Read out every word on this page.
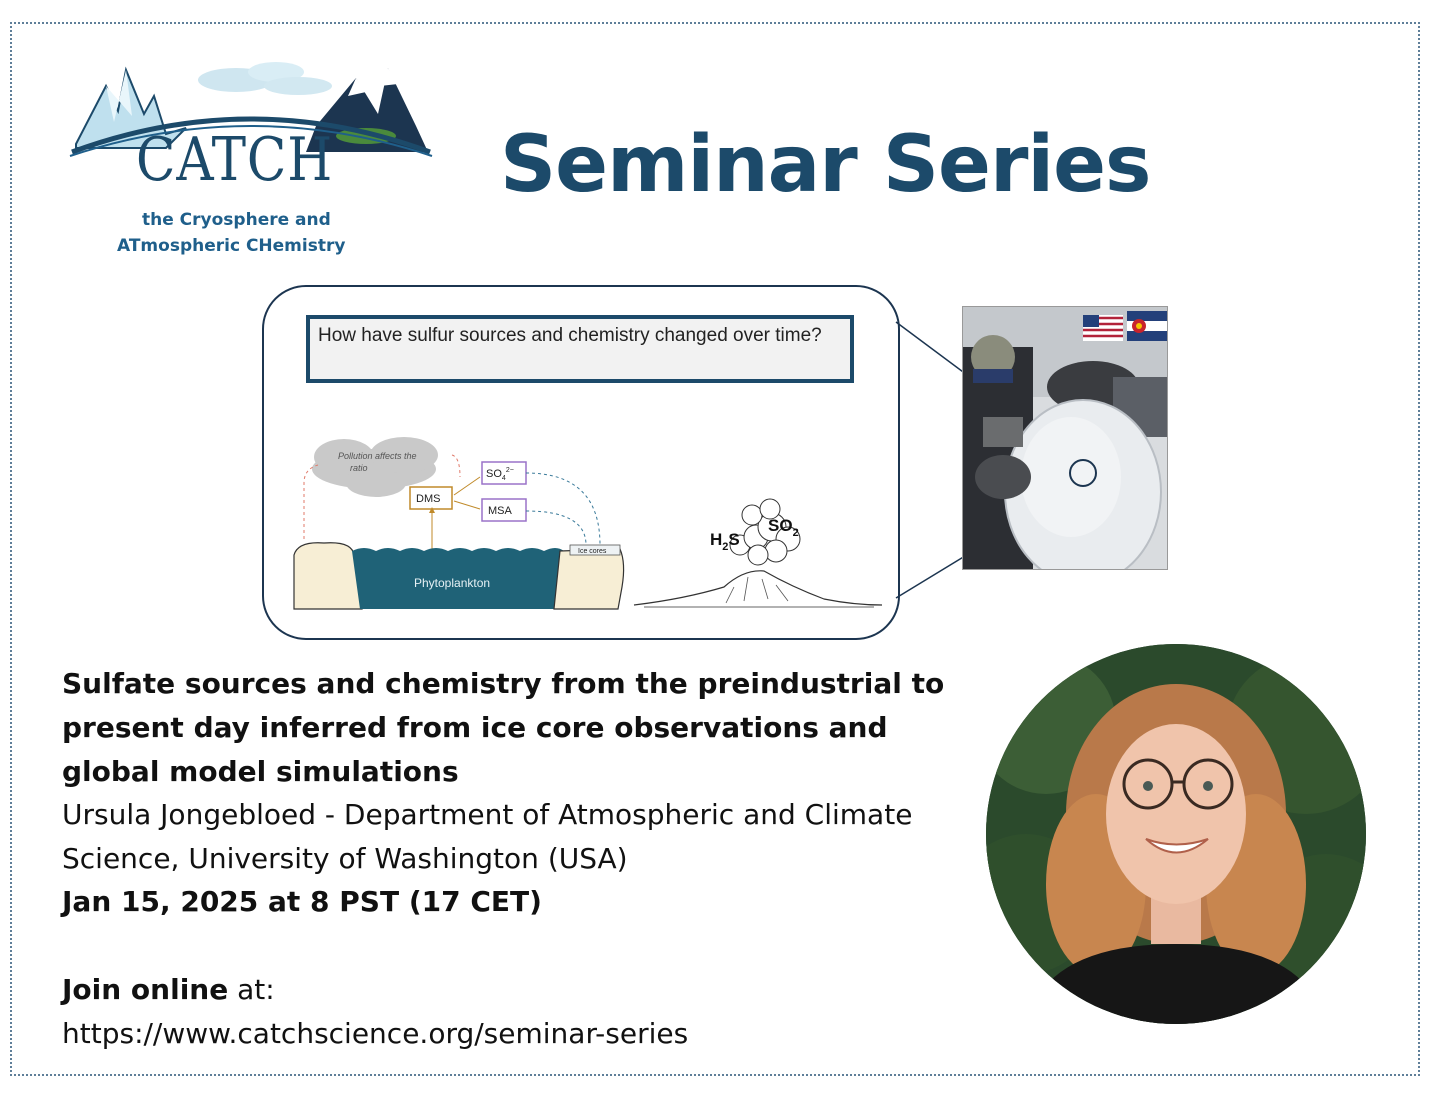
CATCH
the Cryosphere and
ATmospheric CHemistry
Seminar Series
How have sulfur sources and chemistry changed over time?
Pollution affects the
ratio
DMS
$SO_4^{2-}$
MSA
Phytoplankton
Ice cores
$H_2S$
$SO_2$
Sulfate sources and chemistry from the preindustrial to present day inferred from ice core observations and global model simulations
Ursula Jongebloed - Department of Atmospheric and Climate Science, University of Washington (USA)
Jan 15, 2025 at 8 PST (17 CET)
Join online at:
https://www.catchscience.org/seminar-series
